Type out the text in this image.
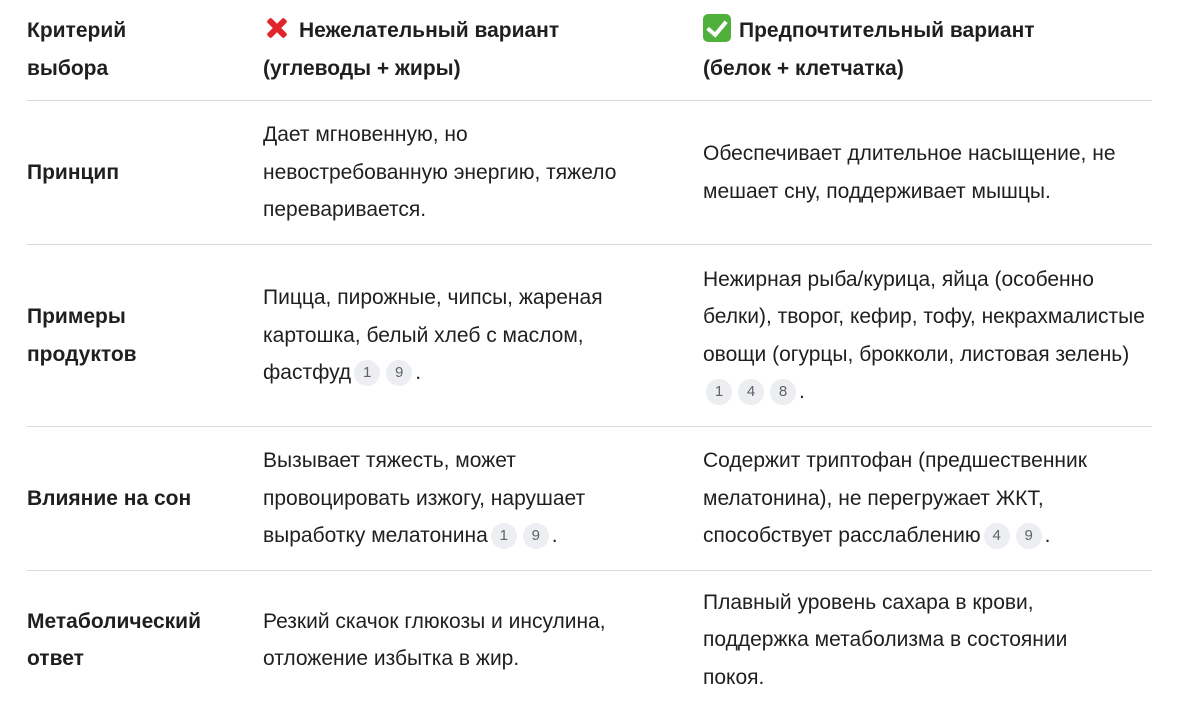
Критерий выбора
Нежелательный вариант
(углеводы + жиры)
Предпочтительный вариант
(белок + клетчатка)
Принцип
Дает мгновенную, но невостребованную энергию, тяжело переваривается.
Обеспечивает длительное насыщение, не мешает сну, поддерживает мышцы.
Примеры продуктов
Пицца, пирожные, чипсы, жареная картошка, белый хлеб с маслом, фастфуд 1 9 .
Нежирная рыба/курица, яйца (особенно белки), творог, кефир, тофу, некрахмалистые овощи (огурцы, брокколи, листовая зелень)1 4 8 .
Влияние на сон
Вызывает тяжесть, может провоцировать изжогу, нарушает выработку мелатонина 1 9 .
Содержит триптофан (предшественник мелатонина), не перегружает ЖКТ, способствует расслаблению 4 9 .
Метаболический ответ
Резкий скачок глюкозы и инсулина, отложение избытка в жир.
Плавный уровень сахара в крови, поддержка метаболизма в состоянии покоя.
